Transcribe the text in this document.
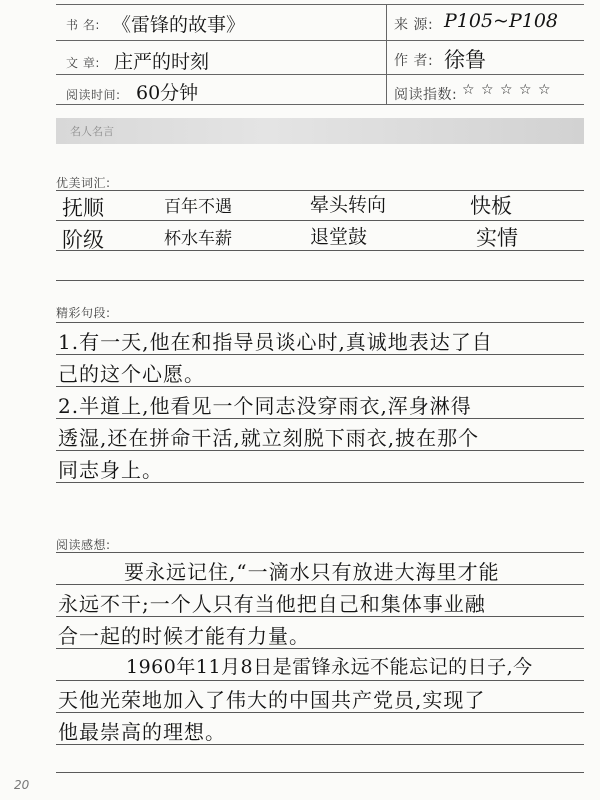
书 名: 《雷锋的故事》	来 源: P105~P108
文 章: 庄严的时刻	作 者: 徐鲁
阅读时间: 60分钟	阅读指数: ☆ ☆ ☆ ☆ ☆
名人名言
优美词汇:
抚顺	百年不遇	晕头转向	快板
阶级	杯水车薪	退堂鼓	实情
精彩句段:
1.有一天,他在和指导员谈心时,真诚地表达了自
己的这个心愿。
2.半道上,他看见一个同志没穿雨衣,浑身淋得
透湿,还在拼命干活,就立刻脱下雨衣,披在那个
同志身上。
阅读感想:
要永远记住,“一滴水只有放进大海里才能
永远不干;一个人只有当他把自己和集体事业融
合一起的时候才能有力量。
1960年11月8日是雷锋永远不能忘记的日子,今
天他光荣地加入了伟大的中国共产党员,实现了
他最崇高的理想。
20
